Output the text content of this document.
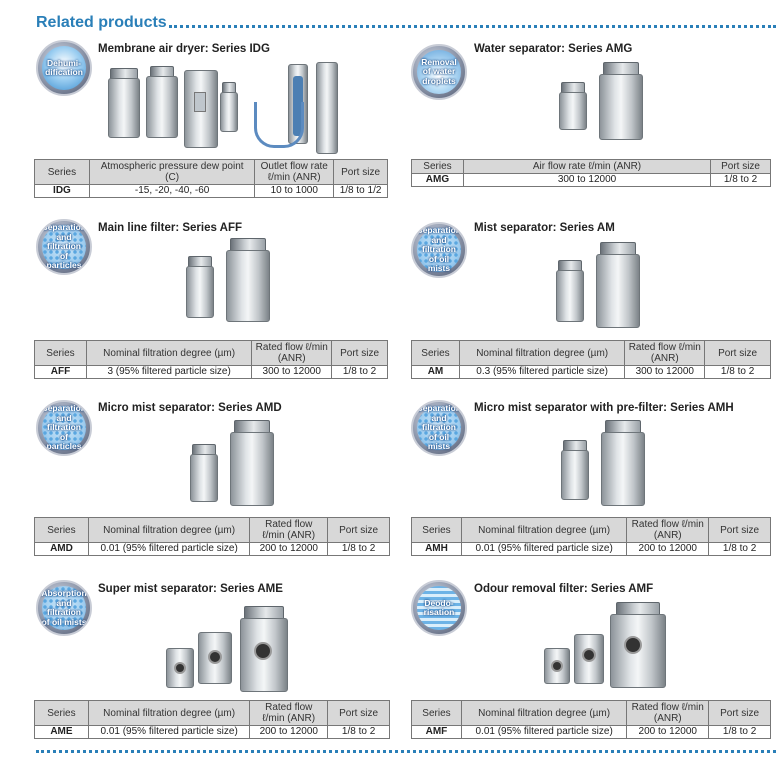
Related products
Dehumi-
dification
Membrane air dryer: Series IDG
Series	Atmospheric pressure dew point (C)	Outlet flow rate ℓ/min (ANR)	Port size
IDG	-15, -20, -40, -60	10 to 1000	1/8 to 1/2
Removal
of water
droplets
Water separator: Series AMG
Series	Air flow rate ℓ/min (ANR)	Port size
AMG	300 to 12000	1/8 to 2
Separation
and filtration
of particles
Main line filter: Series AFF
Series	Nominal filtration degree (µm)	Rated flow ℓ/min (ANR)	Port size
AFF	3 (95% filtered particle size)	300 to 12000	1/8 to 2
Separation
and filtration
of oil mists
Mist separator: Series AM
Series	Nominal filtration degree (µm)	Rated flow ℓ/min (ANR)	Port size
AM	0.3 (95% filtered particle size)	300 to 12000	1/8 to 2
Separation
and filtration
of particles
Micro mist separator: Series AMD
Series	Nominal filtration degree (µm)	Rated flow ℓ/min (ANR)	Port size
AMD	0.01 (95% filtered particle size)	200 to 12000	1/8 to 2
Separation
and filtration
of oil mists
Micro mist separator with pre-filter: Series AMH
Series	Nominal filtration degree (µm)	Rated flow ℓ/min (ANR)	Port size
AMH	0.01 (95% filtered particle size)	200 to 12000	1/8 to 2
Absorption
and filtration
of oil mists
Super mist separator: Series AME
Series	Nominal filtration degree (µm)	Rated flow ℓ/min (ANR)	Port size
AME	0.01 (95% filtered particle size)	200 to 12000	1/8 to 2
Deodo-
risation
Odour removal filter: Series AMF
Series	Nominal filtration degree (µm)	Rated flow ℓ/min (ANR)	Port size
AMF	0.01 (95% filtered particle size)	200 to 12000	1/8 to 2
